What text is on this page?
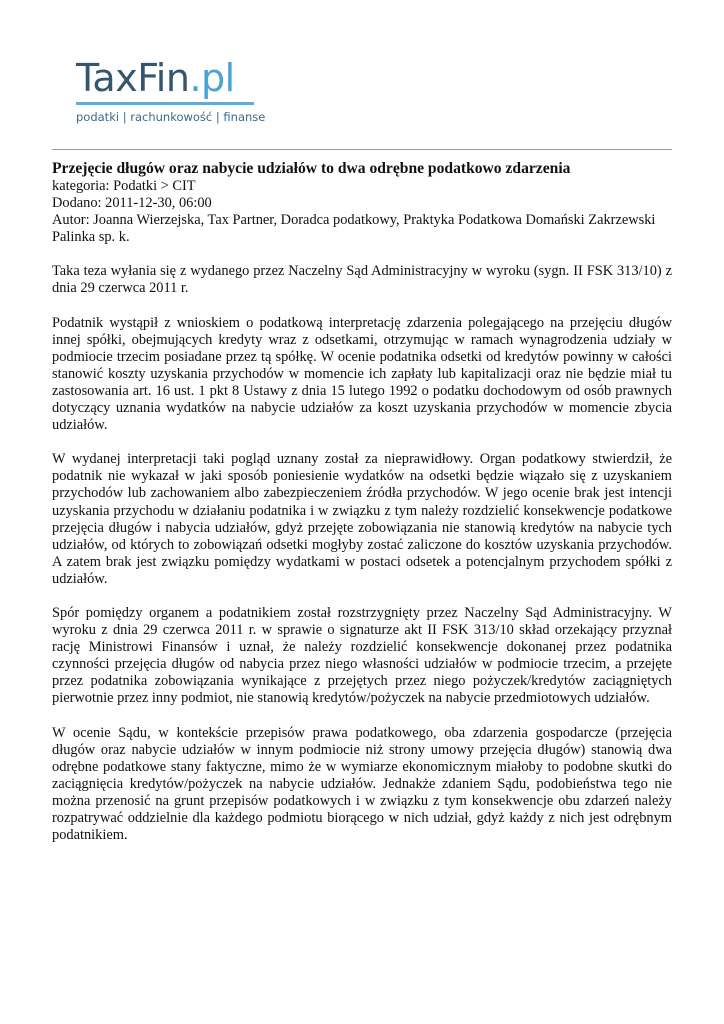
TaxFin.pl
podatki | rachunkowość | finanse

Przejęcie długów oraz nabycie udziałów to dwa odrębne podatkowo zdarzenia

kategoria: Podatki > CIT

Dodano: 2011-12-30, 06:00

Autor: Joanna Wierzejska, Tax Partner, Doradca podatkowy, Praktyka Podatkowa Domański Zakrzewski Palinka sp. k.

Taka teza wyłania się z wydanego przez Naczelny Sąd Administracyjny w wyroku (sygn. II FSK 313/10) z dnia 29 czerwca 2011 r.

Podatnik wystąpił z wnioskiem o podatkową interpretację zdarzenia polegającego na przejęciu długów innej spółki, obejmujących kredyty wraz z odsetkami, otrzymując w ramach wynagrodzenia udziały w podmiocie trzecim posiadane przez tą spółkę. W ocenie podatnika odsetki od kredytów powinny w całości stanowić koszty uzyskania przychodów w momencie ich zapłaty lub kapitalizacji oraz nie będzie miał tu zastosowania art. 16 ust. 1 pkt 8 Ustawy z dnia 15 lutego 1992 o podatku dochodowym od osób prawnych dotyczący uznania wydatków na nabycie udziałów za koszt uzyskania przychodów w momencie zbycia udziałów.

W wydanej interpretacji taki pogląd uznany został za nieprawidłowy. Organ podatkowy stwierdził, że podatnik nie wykazał w jaki sposób poniesienie wydatków na odsetki będzie wiązało się z uzyskaniem przychodów lub zachowaniem albo zabezpieczeniem źródła przychodów. W jego ocenie brak jest intencji uzyskania przychodu w działaniu podatnika i w związku z tym należy rozdzielić konsekwencje podatkowe przejęcia długów i nabycia udziałów, gdyż przejęte zobowiązania nie stanowią kredytów na nabycie tych udziałów, od których to zobowiązań odsetki mogłyby zostać zaliczone do kosztów uzyskania przychodów. A zatem brak jest związku pomiędzy wydatkami w postaci odsetek a potencjalnym przychodem spółki z udziałów.

Spór pomiędzy organem a podatnikiem został rozstrzygnięty przez Naczelny Sąd Administracyjny. W wyroku z dnia 29 czerwca 2011 r. w sprawie o signaturze akt II FSK 313/10 skład orzekający przyznał rację Ministrowi Finansów i uznał, że należy rozdzielić konsekwencje dokonanej przez podatnika czynności przejęcia długów od nabycia przez niego własności udziałów w podmiocie trzecim, a przejęte przez podatnika zobowiązania wynikające z przejętych przez niego pożyczek/kredytów zaciągniętych pierwotnie przez inny podmiot, nie stanowią kredytów/pożyczek na nabycie przedmiotowych udziałów.

W ocenie Sądu, w kontekście przepisów prawa podatkowego, oba zdarzenia gospodarcze (przejęcia długów oraz nabycie udziałów w innym podmiocie niż strony umowy przejęcia długów) stanowią dwa odrębne podatkowe stany faktyczne, mimo że w wymiarze ekonomicznym miałoby to podobne skutki do zaciągnięcia kredytów/pożyczek na nabycie udziałów. Jednakże zdaniem Sądu, podobieństwa tego nie można przenosić na grunt przepisów podatkowych i w związku z tym konsekwencje obu zdarzeń należy rozpatrywać oddzielnie dla każdego podmiotu biorącego w nich udział, gdyż każdy z nich jest odrębnym podatnikiem.
